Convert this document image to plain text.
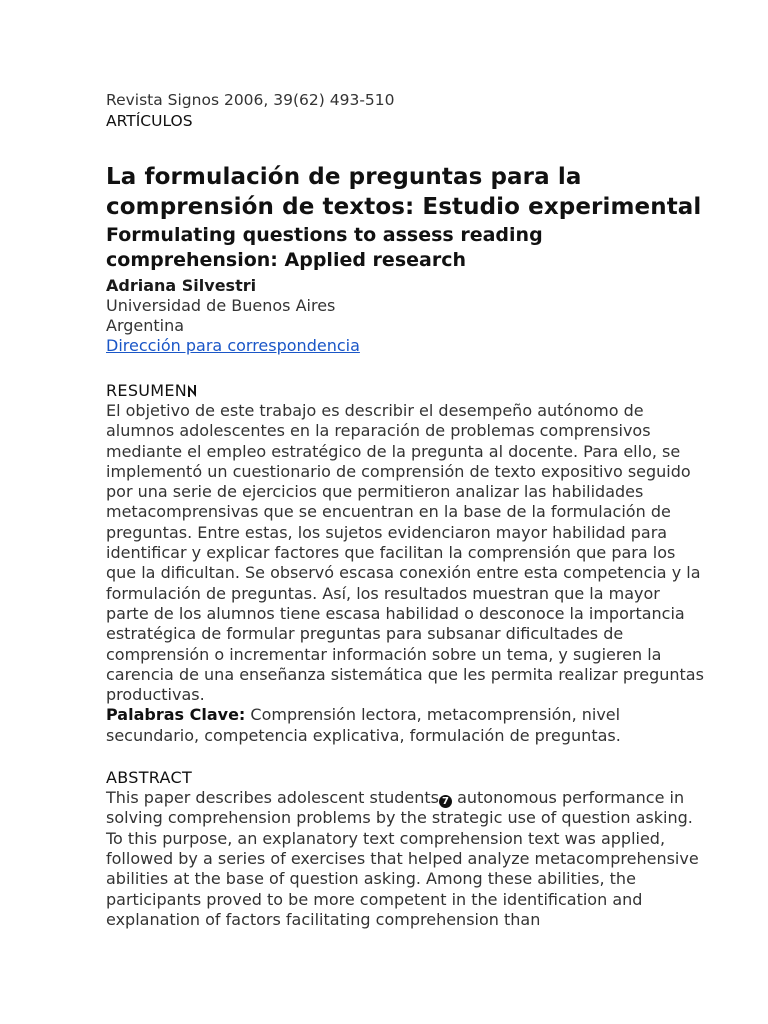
Revista Signos 2006, 39(62) 493-510

ARTÍCULOS

La formulación de preguntas para la comprensión de textos: Estudio experimental
Formulating questions to assess reading comprehension: Applied research

Adriana Silvestri

Universidad de Buenos Aires

Argentina

Dirección para correspondencia
RESUMEN

El objetivo de este trabajo es describir el desempeño autónomo de alumnos adolescentes en la reparación de problemas comprensivos mediante el empleo estratégico de la pregunta al docente. Para ello, se implementó un cuestionario de comprensión de texto expositivo seguido por una serie de ejercicios que permitieron analizar las habilidades metacomprensivas que se encuentran en la base de la formulación de preguntas. Entre estas, los sujetos evidenciaron mayor habilidad para identificar y explicar factores que facilitan la comprensión que para los que la dificultan. Se observó escasa conexión entre esta competencia y la formulación de preguntas. Así, los resultados muestran que la mayor parte de los alumnos tiene escasa habilidad o desconoce la importancia estratégica de formular preguntas para subsanar dificultades de comprensión o incrementar información sobre un tema, y sugieren la carencia de una enseñanza sistemática que les permita realizar preguntas productivas.

Palabras Clave: Comprensión lectora, metacomprensión, nivel secundario, competencia explicativa, formulación de preguntas.

ABSTRACT

This paper describes adolescent students 7 autonomous performance in solving comprehension problems by the strategic use of question asking. To this purpose, an explanatory text comprehension text was applied, followed by a series of exercises that helped analyze metacomprehensive abilities at the base of question asking. Among these abilities, the participants proved to be more competent in the identification and explanation of factors facilitating comprehension than
